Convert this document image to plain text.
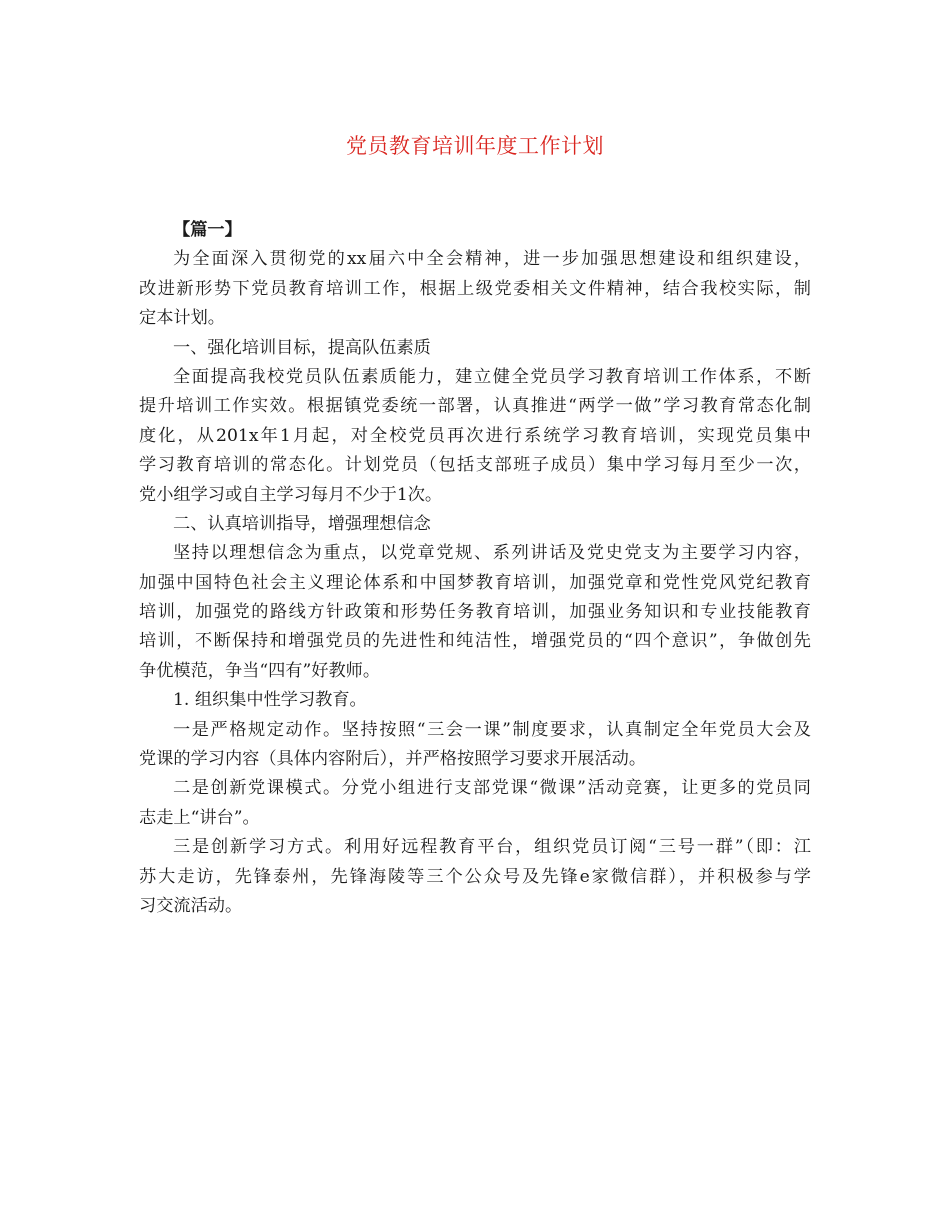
党员教育培训年度工作计划

【篇一】

为全面深入贯彻党的xx届六中全会精神，进一步加强思想建设和组织建设，

改进新形势下党员教育培训工作，根据上级党委相关文件精神，结合我校实际，制

定本计划。

一、强化培训目标，提高队伍素质

全面提高我校党员队伍素质能力，建立健全党员学习教育培训工作体系，不断

提升培训工作实效。根据镇党委统一部署，认真推进“两学一做”学习教育常态化制

度化，从201x年1月起，对全校党员再次进行系统学习教育培训，实现党员集中

学习教育培训的常态化。计划党员（包括支部班子成员）集中学习每月至少一次，

党小组学习或自主学习每月不少于1次。

二、认真培训指导，增强理想信念

坚持以理想信念为重点，以党章党规、系列讲话及党史党支为主要学习内容，

加强中国特色社会主义理论体系和中国梦教育培训，加强党章和党性党风党纪教育

培训，加强党的路线方针政策和形势任务教育培训，加强业务知识和专业技能教育

培训，不断保持和增强党员的先进性和纯洁性，增强党员的“四个意识”，争做创先

争优模范，争当“四有”好教师。

1. 组织集中性学习教育。

一是严格规定动作。坚持按照“三会一课”制度要求，认真制定全年党员大会及

党课的学习内容（具体内容附后），并严格按照学习要求开展活动。

二是创新党课模式。分党小组进行支部党课“微课”活动竞赛，让更多的党员同

志走上“讲台”。

三是创新学习方式。利用好远程教育平台，组织党员订阅“三号一群”（即：江

苏大走访，先锋泰州，先锋海陵等三个公众号及先锋e家微信群），并积极参与学

习交流活动。
